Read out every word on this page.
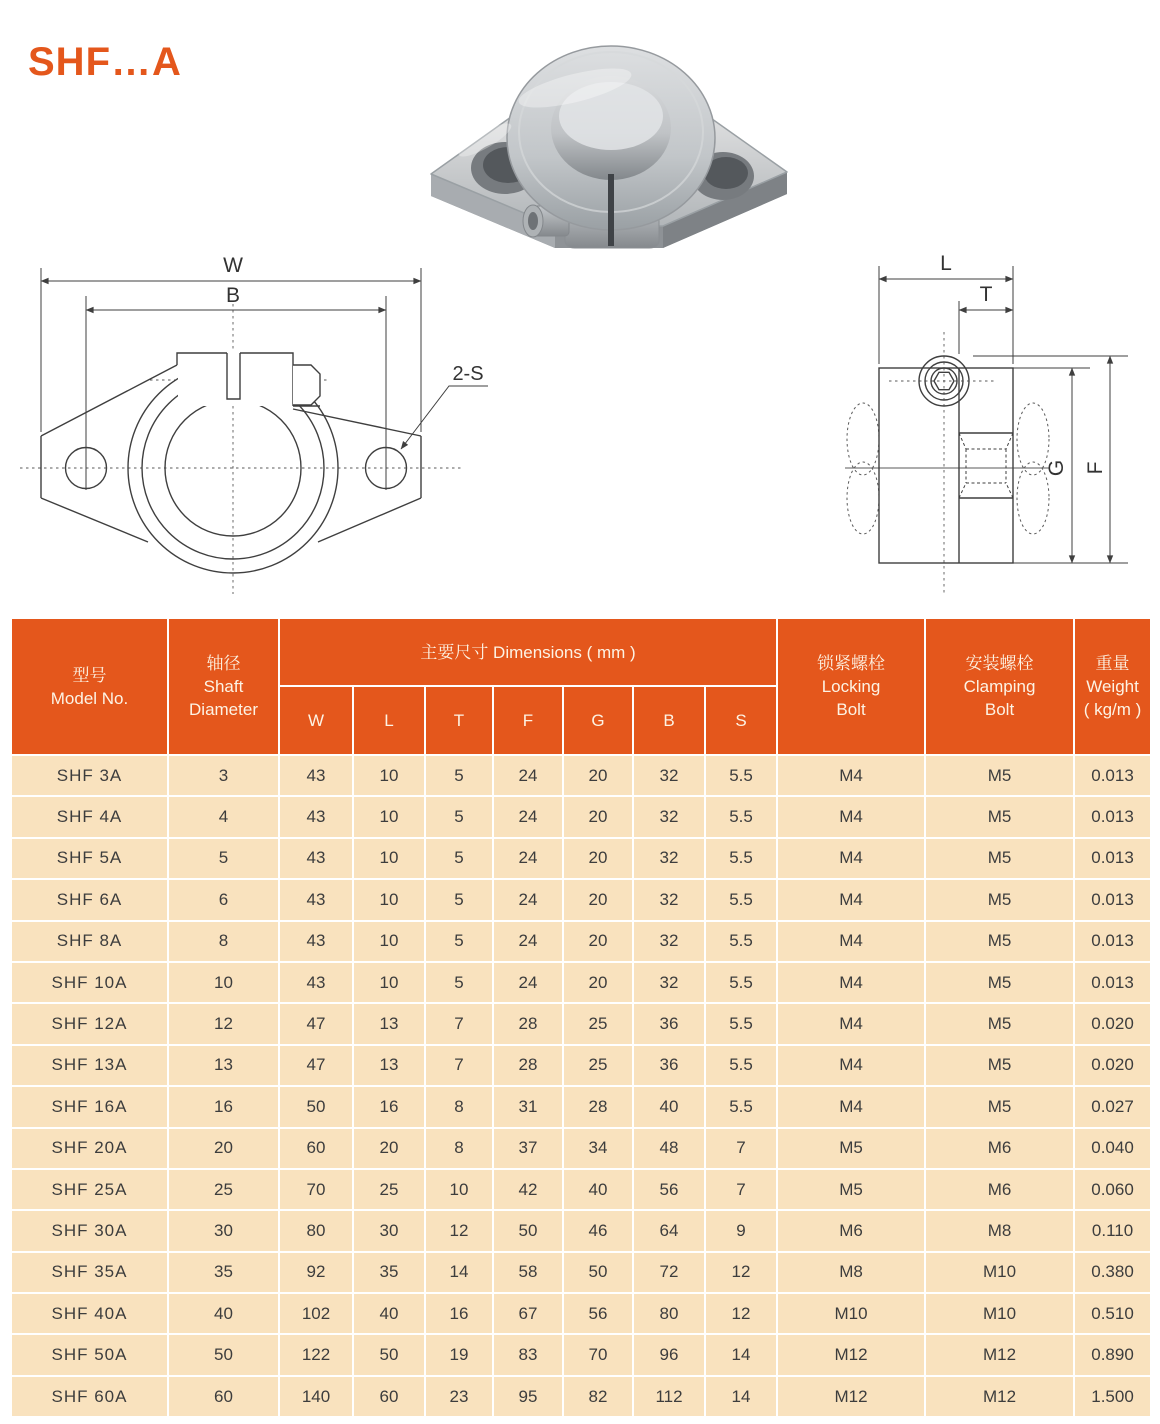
SHF…A
W
B
2-S
L
T
G F
型号
Model No.

轴径
Shaft
Diameter
	主要尺寸 Dimensions ( mm )	
锁紧螺栓
Locking
Bolt

安装螺栓
Clamping
Bolt

重量
Weight
( kg/m )

		W	L	T	F	G	B	S			
SHF 3A	3	43	10	5	24	20	32	5.5	M4	M5	0.013
SHF 4A	4	43	10	5	24	20	32	5.5	M4	M5	0.013
SHF 5A	5	43	10	5	24	20	32	5.5	M4	M5	0.013
SHF 6A	6	43	10	5	24	20	32	5.5	M4	M5	0.013
SHF 8A	8	43	10	5	24	20	32	5.5	M4	M5	0.013
SHF 10A	10	43	10	5	24	20	32	5.5	M4	M5	0.013
SHF 12A	12	47	13	7	28	25	36	5.5	M4	M5	0.020
SHF 13A	13	47	13	7	28	25	36	5.5	M4	M5	0.020
SHF 16A	16	50	16	8	31	28	40	5.5	M4	M5	0.027
SHF 20A	20	60	20	8	37	34	48	7	M5	M6	0.040
SHF 25A	25	70	25	10	42	40	56	7	M5	M6	0.060
SHF 30A	30	80	30	12	50	46	64	9	M6	M8	0.110
SHF 35A	35	92	35	14	58	50	72	12	M8	M10	0.380
SHF 40A	40	102	40	16	67	56	80	12	M10	M10	0.510
SHF 50A	50	122	50	19	83	70	96	14	M12	M12	0.890
SHF 60A	60	140	60	23	95	82	112	14	M12	M12	1.500
